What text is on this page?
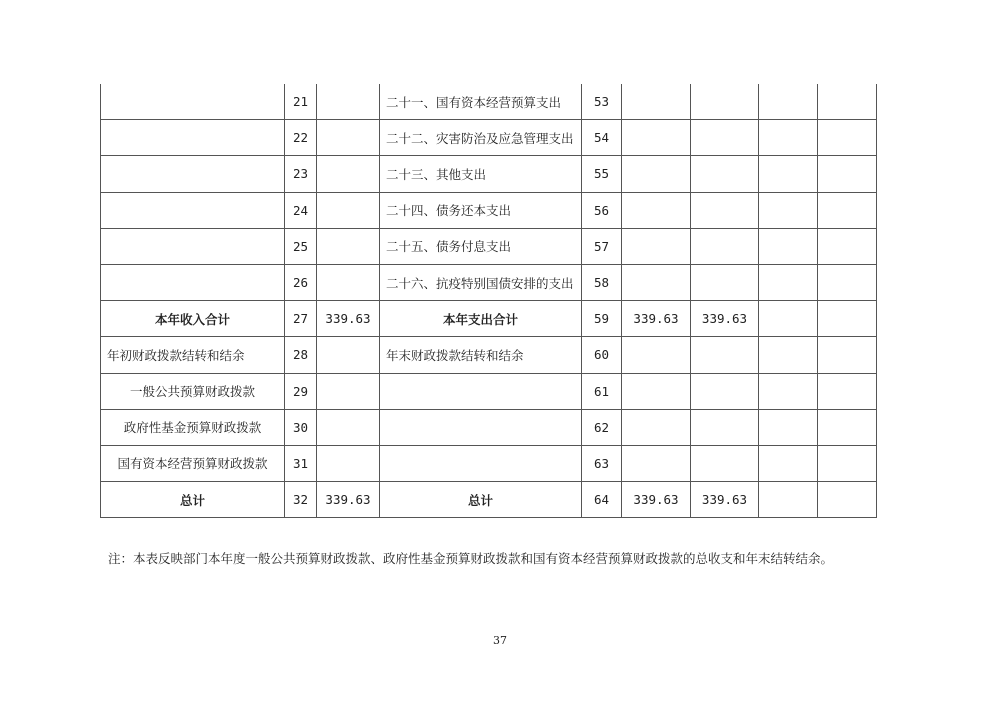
	21		二十一、国有资本经营预算支出	53				
	22		二十二、灾害防治及应急管理支出	54				
	23		二十三、其他支出	55				
	24		二十四、债务还本支出	56				
	25		二十五、债务付息支出	57				
	26		二十六、抗疫特别国债安排的支出	58				
本年收入合计	27	339.63	本年支出合计	59	339.63	339.63		
年初财政拨款结转和结余	28		年末财政拨款结转和结余	60				
一般公共预算财政拨款	29			61				
政府性基金预算财政拨款	30			62				
国有资本经营预算财政拨款	31			63				
总计	32	339.63	总计	64	339.63	339.63		
注：本表反映部门本年度一般公共预算财政拨款、政府性基金预算财政拨款和国有资本经营预算财政拨款的总收支和年末结转结余。
37
